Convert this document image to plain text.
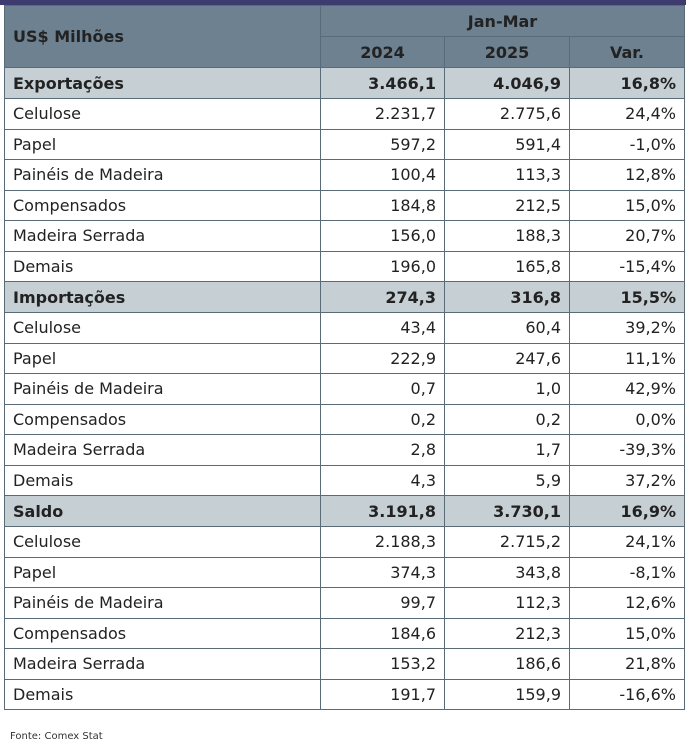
US$ Milhões	Jan-Mar		
	2024	2025	Var.
Exportações	3.466,1	4.046,9	16,8%
Celulose	2.231,7	2.775,6	24,4%
Papel	597,2	591,4	-1,0%
Painéis de Madeira	100,4	113,3	12,8%
Compensados	184,8	212,5	15,0%
Madeira Serrada	156,0	188,3	20,7%
Demais	196,0	165,8	-15,4%
Importações	274,3	316,8	15,5%
Celulose	43,4	60,4	39,2%
Papel	222,9	247,6	11,1%
Painéis de Madeira	0,7	1,0	42,9%
Compensados	0,2	0,2	0,0%
Madeira Serrada	2,8	1,7	-39,3%
Demais	4,3	5,9	37,2%
Saldo	3.191,8	3.730,1	16,9%
Celulose	2.188,3	2.715,2	24,1%
Papel	374,3	343,8	-8,1%
Painéis de Madeira	99,7	112,3	12,6%
Compensados	184,6	212,3	15,0%
Madeira Serrada	153,2	186,6	21,8%
Demais	191,7	159,9	-16,6%
Fonte: Comex Stat
